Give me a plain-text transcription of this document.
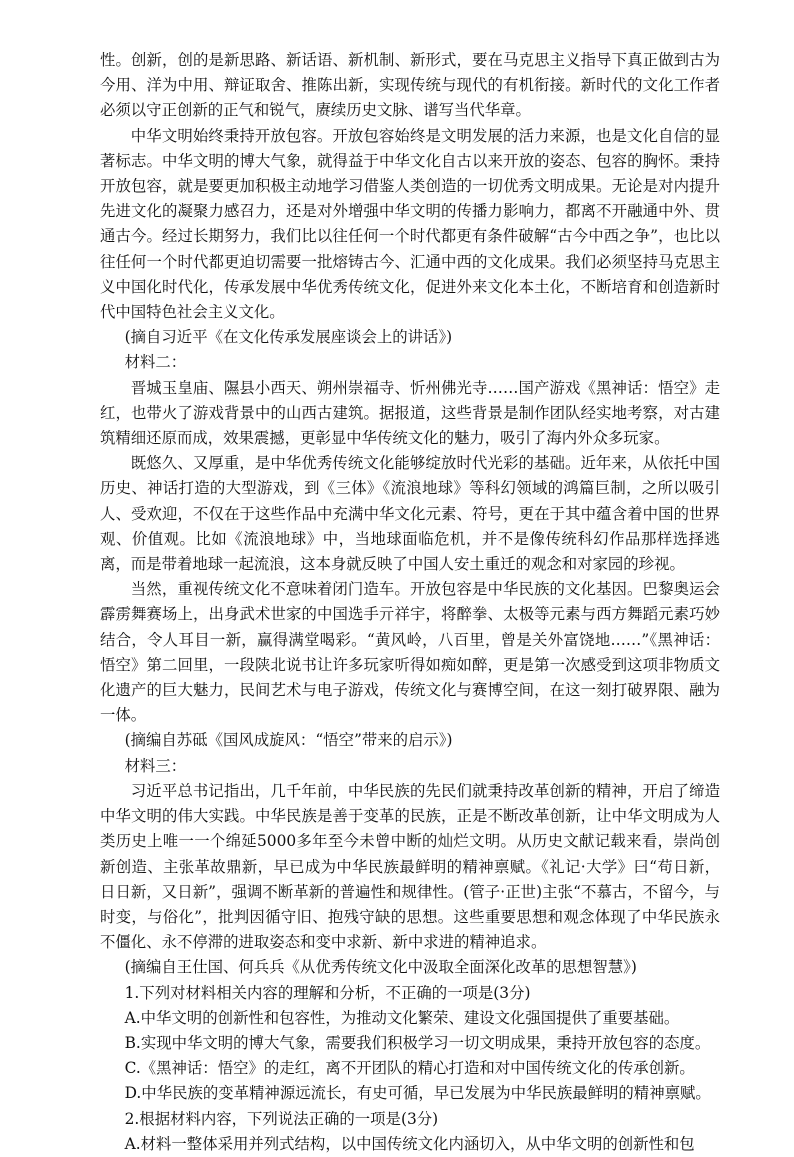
性。创新，创的是新思路、新话语、新机制、新形式，要在马克思主义指导下真正做到古为今用、洋为中用、辩证取舍、推陈出新，实现传统与现代的有机衔接。新时代的文化工作者必须以守正创新的正气和锐气，赓续历史文脉、谱写当代华章。

中华文明始终秉持开放包容。开放包容始终是文明发展的活力来源，也是文化自信的显著标志。中华文明的博大气象，就得益于中华文化自古以来开放的姿态、包容的胸怀。秉持开放包容，就是要更加积极主动地学习借鉴人类创造的一切优秀文明成果。无论是对内提升先进文化的凝聚力感召力，还是对外增强中华文明的传播力影响力，都离不开融通中外、贯通古今。经过长期努力，我们比以往任何一个时代都更有条件破解“古今中西之争”，也比以往任何一个时代都更迫切需要一批熔铸古今、汇通中西的文化成果。我们必须坚持马克思主义中国化时代化，传承发展中华优秀传统文化，促进外来文化本土化，不断培育和创造新时代中国特色社会主义文化。

(摘自习近平《在文化传承发展座谈会上的讲话》)

材料二：

晋城玉皇庙、隰县小西天、朔州崇福寺、忻州佛光寺……国产游戏《黑神话：悟空》走红，也带火了游戏背景中的山西古建筑。据报道，这些背景是制作团队经实地考察，对古建筑精细还原而成，效果震撼，更彰显中华传统文化的魅力，吸引了海内外众多玩家。

既悠久、又厚重，是中华优秀传统文化能够绽放时代光彩的基础。近年来，从依托中国历史、神话打造的大型游戏，到《三体》《流浪地球》等科幻领域的鸿篇巨制，之所以吸引人、受欢迎，不仅在于这些作品中充满中华文化元素、符号，更在于其中蕴含着中国的世界观、价值观。比如《流浪地球》中，当地球面临危机，并不是像传统科幻作品那样选择逃离，而是带着地球一起流浪，这本身就反映了中国人安土重迁的观念和对家园的珍视。

当然，重视传统文化不意味着闭门造车。开放包容是中华民族的文化基因。巴黎奥运会霹雳舞赛场上，出身武术世家的中国选手亓祥宇，将醉拳、太极等元素与西方舞蹈元素巧妙结合，令人耳目一新，赢得满堂喝彩。“黄风岭，八百里，曾是关外富饶地……”《黑神话：悟空》第二回里，一段陕北说书让许多玩家听得如痴如醉，更是第一次感受到这项非物质文化遗产的巨大魅力，民间艺术与电子游戏，传统文化与赛博空间，在这一刻打破界限、融为一体。

(摘编自苏砥《国风成旋风：“悟空”带来的启示》)

材料三：

习近平总书记指出，几千年前，中华民族的先民们就秉持改革创新的精神，开启了缔造中华文明的伟大实践。中华民族是善于变革的民族，正是不断改革创新，让中华文明成为人类历史上唯一一个绵延5000多年至今未曾中断的灿烂文明。从历史文献记载来看，崇尚创新创造、主张革故鼎新，早已成为中华民族最鲜明的精神禀赋。《礼记·大学》曰“苟日新，日日新，又日新”，强调不断革新的普遍性和规律性。(管子·正世)主张“不慕古，不留今，与时变，与俗化”，批判因循守旧、抱残守缺的思想。这些重要思想和观念体现了中华民族永不僵化、永不停滞的进取姿态和变中求新、新中求进的精神追求。

(摘编自王仕国、何兵兵《从优秀传统文化中汲取全面深化改革的思想智慧》)

1.下列对材料相关内容的理解和分析，不正确的一项是(3分)

A.中华文明的创新性和包容性，为推动文化繁荣、建设文化强国提供了重要基础。

B.实现中华文明的博大气象，需要我们积极学习一切文明成果，秉持开放包容的态度。

C.《黑神话：悟空》的走红，离不开团队的精心打造和对中国传统文化的传承创新。

D.中华民族的变革精神源远流长，有史可循，早已发展为中华民族最鲜明的精神禀赋。

2.根据材料内容，下列说法正确的一项是(3分)

A.材料一整体采用并列式结构，以中国传统文化内涵切入，从中华文明的创新性和包
